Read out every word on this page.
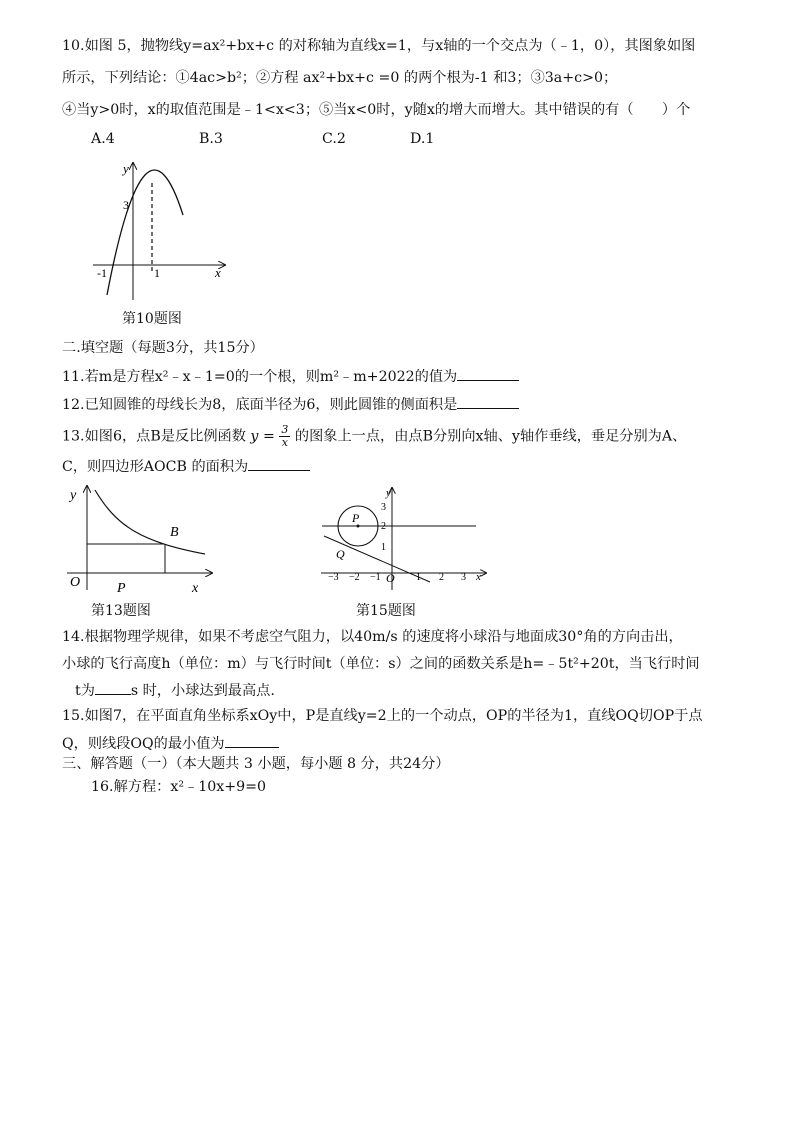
10.如图 5，抛物线y=ax²+bx+c 的对称轴为直线x=1，与x轴的一个交点为（﹣1，0），其图象如图
所示，下列结论：①4ac>b²；②方程 ax²+bx+c =0 的两个根为-1 和3；③3a+c>0；
④当y>0时，x的取值范围是﹣1<x<3；⑤当x<0时，y随x的增大而增大。其中错误的有（　　）个
A.4	B.3	C.2	D.1
y
x
3
-1	1
第10题图
二.填空题（每题3分，共15分）
11.若m是方程x²﹣x﹣1=0的一个根，则m²﹣m+2022的值为
12.已知圆锥的母线长为8，底面半径为6，则此圆锥的侧面积是
13.如图6，点B是反比例函数 $y = \frac{3}{x}$ 的图象上一点，由点B分别向x轴、y轴作垂线，垂足分别为A、
C，则四边形AOCB 的面积为
y
O
B
P	x
第13题图
y
3
2
1
−3 −2 −1	1 2 3 x
O
P
Q
第15题图
14.根据物理学规律，如果不考虑空气阻力，以40m/s 的速度将小球沿与地面成30°角的方向击出，
小球的飞行高度h（单位：m）与飞行时间t（单位：s）之间的函数关系是h=﹣5t²+20t，当飞行时间
t为	s 时，小球达到最高点.
15.如图7，在平面直角坐标系xOy中，P是直线y=2上的一个动点，OP的半径为1，直线OQ切OP于点
Q，则线段OQ的最小值为
三、解答题（一）（本大题共 3 小题，每小题 8 分，共24分）
16.解方程：x²﹣10x+9=0
